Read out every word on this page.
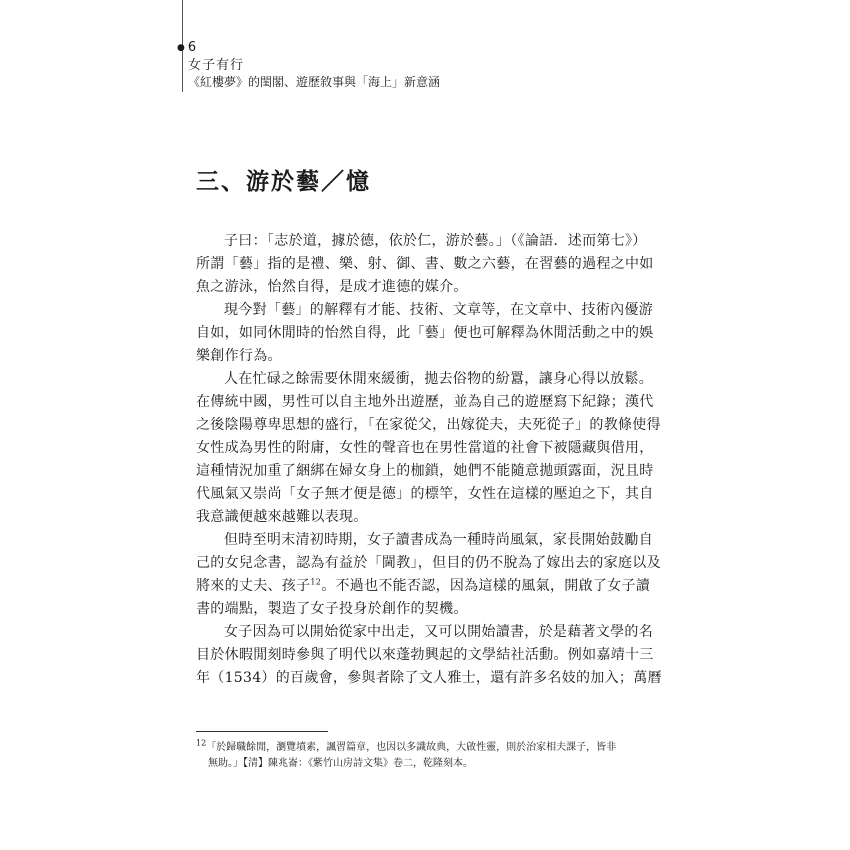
● 6
女子有行
《紅樓夢》的閨閣、遊歷敘事與「海上」新意涵
三、游於藝／憶

子曰：「志於道，據於德，依於仁，游於藝。」（《論語．述而第七》）
所謂「藝」指的是禮、樂、射、御、書、數之六藝，在習藝的過程之中如
魚之游泳，怡然自得，是成才進德的媒介。

現今對「藝」的解釋有才能、技術、文章等，在文章中、技術內優游
自如，如同休閒時的怡然自得，此「藝」便也可解釋為休閒活動之中的娛
樂創作行為。

人在忙碌之餘需要休閒來緩衝，拋去俗物的紛囂，讓身心得以放鬆。
在傳統中國，男性可以自主地外出遊歷，並為自己的遊歷寫下紀錄；漢代
之後陰陽尊卑思想的盛行，「在家從父，出嫁從夫，夫死從子」的教條使得
女性成為男性的附庸，女性的聲音也在男性當道的社會下被隱藏與借用，
這種情況加重了綑綁在婦女身上的枷鎖，她們不能隨意拋頭露面，況且時
代風氣又崇尚「女子無才便是德」的標竿，女性在這樣的壓迫之下，其自
我意識便越來越難以表現。

但時至明末清初時期，女子讀書成為一種時尚風氣，家長開始鼓勵自
己的女兒念書，認為有益於「閫教」，但目的仍不脫為了嫁出去的家庭以及
將來的丈夫、孩子$^{12}$。不過也不能否認，因為這樣的風氣，開啟了女子讀
書的端點，製造了女子投身於創作的契機。

女子因為可以開始從家中出走，又可以開始讀書，於是藉著文學的名
目於休暇閒刻時參與了明代以來蓬勃興起的文學結社活動。例如嘉靖十三
年（1534）的百歲會，參與者除了文人雅士，還有許多名妓的加入；萬曆

$^{12}$「於歸職餘閒，瀏覽墳素，諷習篇章，也因以多識故典，大啟性靈，則於治家相夫課子，皆非
無助。」【清】陳兆崙：《紫竹山房詩文集》卷二，乾隆刻本。
